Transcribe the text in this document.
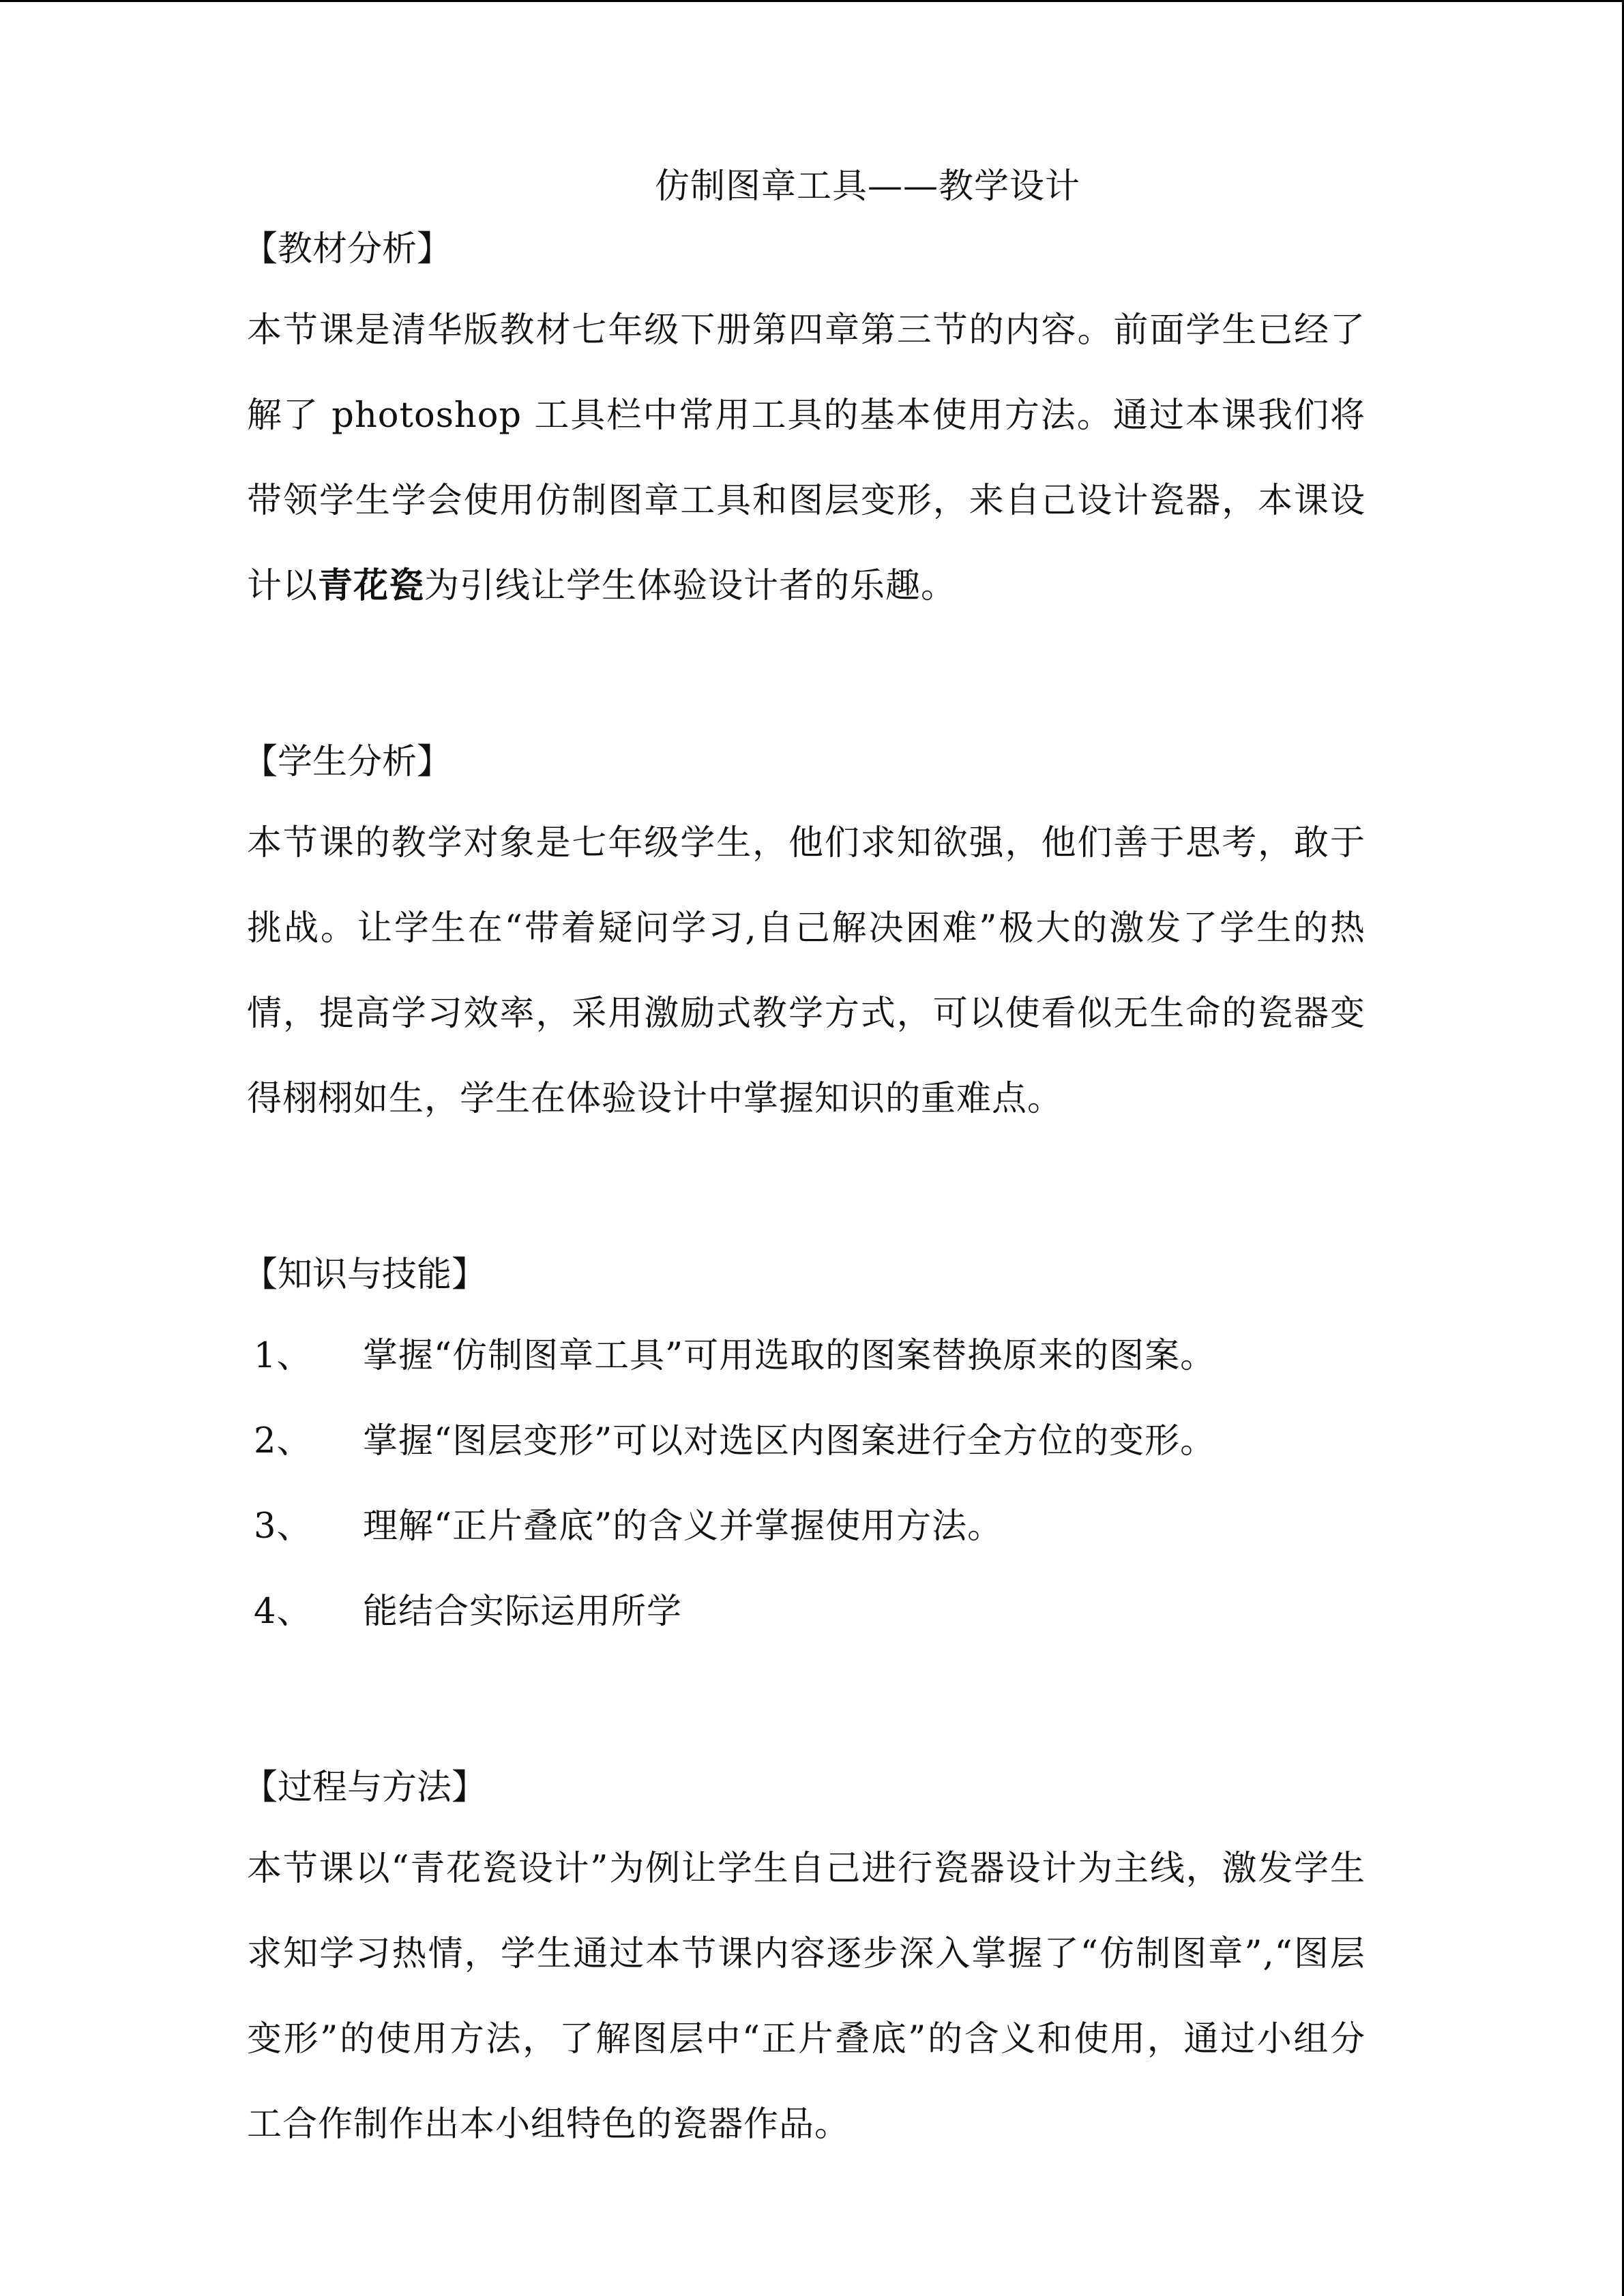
仿制图章工具——教学设计
【教材分析】

本节课是清华版教材七年级下册第四章第三节的内容。前面学生已经了解了 photoshop 工具栏中常用工具的基本使用方法。通过本课我们将带领学生学会使用仿制图章工具和图层变形，来自己设计瓷器，本课设计以青花瓷为引线让学生体验设计者的乐趣。

【学生分析】

本节课的教学对象是七年级学生，他们求知欲强，他们善于思考，敢于挑战。让学生在“带着疑问学习,自己解决困难”极大的激发了学生的热情，提高学习效率，采用激励式教学方式，可以使看似无生命的瓷器变得栩栩如生，学生在体验设计中掌握知识的重难点。

【知识与技能】
1、	掌握“仿制图章工具”可用选取的图案替换原来的图案。
2、	掌握“图层变形”可以对选区内图案进行全方位的变形。
3、	理解“正片叠底”的含义并掌握使用方法。
4、	能结合实际运用所学
【过程与方法】

本节课以“青花瓷设计”为例让学生自己进行瓷器设计为主线，激发学生求知学习热情，学生通过本节课内容逐步深入掌握了“仿制图章”,“图层变形”的使用方法，了解图层中“正片叠底”的含义和使用，通过小组分工合作制作出本小组特色的瓷器作品。
